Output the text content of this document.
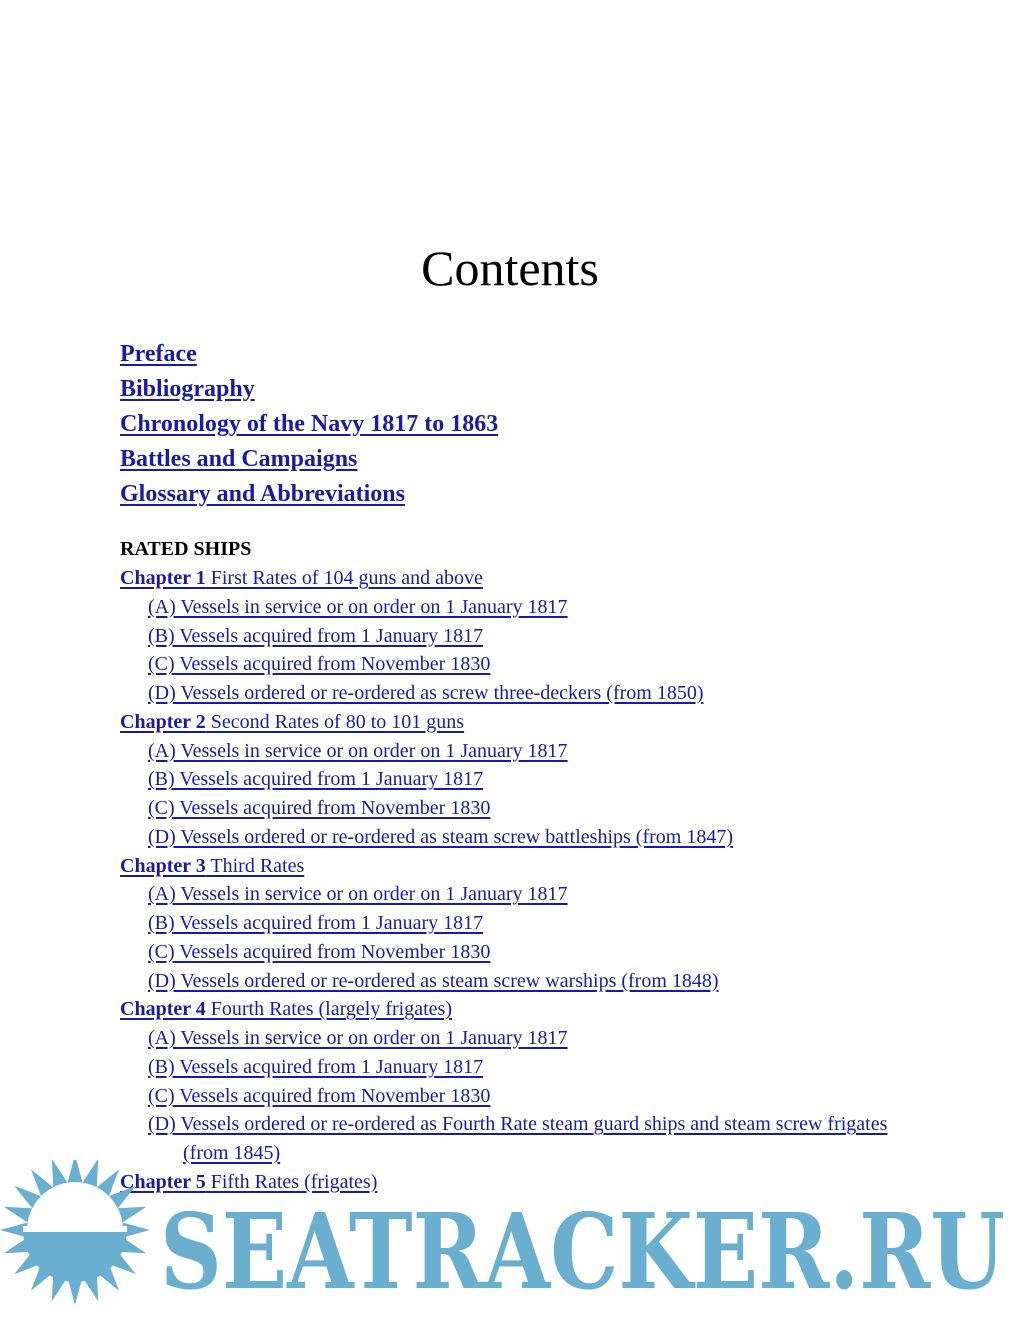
Contents
Preface
Bibliography
Chronology of the Navy 1817 to 1863
Battles and Campaigns
Glossary and Abbreviations
RATED SHIPS
Chapter 1 First Rates of 104 guns and above
(A) Vessels in service or on order on 1 January 1817
(B) Vessels acquired from 1 January 1817
(C) Vessels acquired from November 1830
(D) Vessels ordered or re-ordered as screw three-deckers (from 1850)
Chapter 2 Second Rates of 80 to 101 guns
(A) Vessels in service or on order on 1 January 1817
(B) Vessels acquired from 1 January 1817
(C) Vessels acquired from November 1830
(D) Vessels ordered or re-ordered as steam screw battleships (from 1847)
Chapter 3 Third Rates
(A) Vessels in service or on order on 1 January 1817
(B) Vessels acquired from 1 January 1817
(C) Vessels acquired from November 1830
(D) Vessels ordered or re-ordered as steam screw warships (from 1848)
Chapter 4 Fourth Rates (largely frigates)
(A) Vessels in service or on order on 1 January 1817
(B) Vessels acquired from 1 January 1817
(C) Vessels acquired from November 1830
(D) Vessels ordered or re-ordered as Fourth Rate steam guard ships and steam screw frigates (from 1845)
Chapter 5 Fifth Rates (frigates)
SEATRACKER.RU
